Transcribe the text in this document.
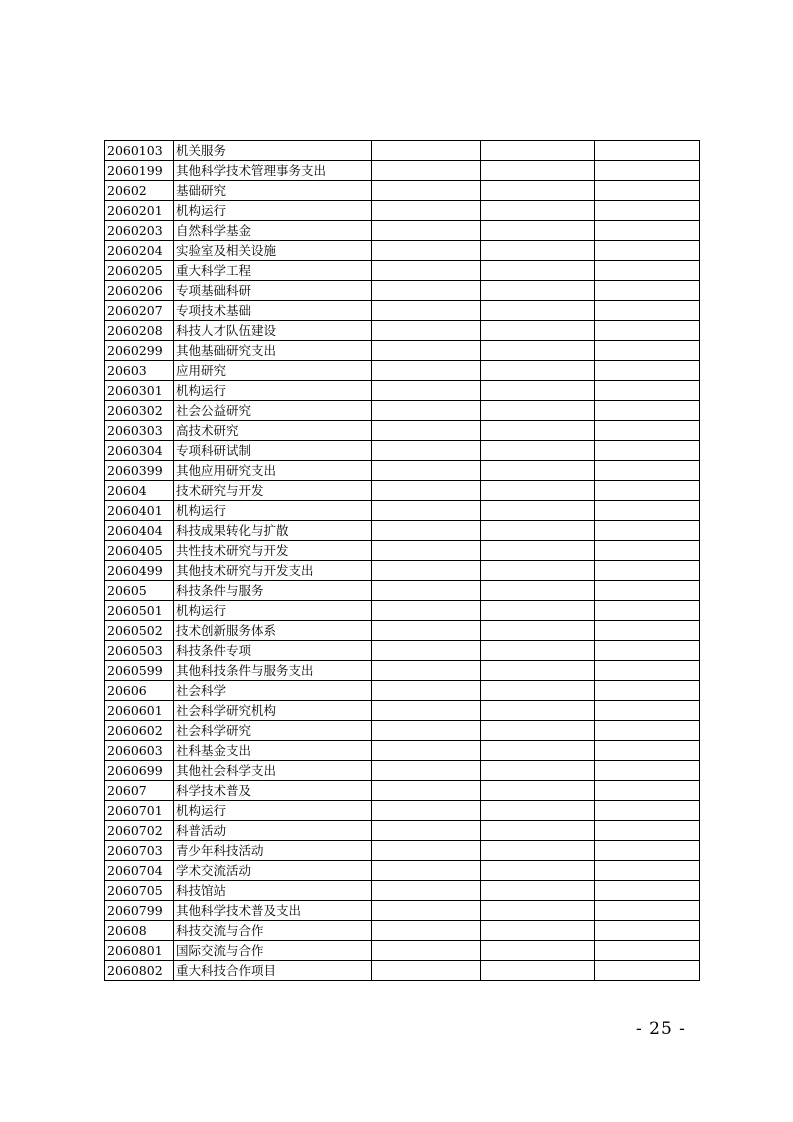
2060103	机关服务			
2060199	其他科学技术管理事务支出			
20602	基础研究			
2060201	机构运行			
2060203	自然科学基金			
2060204	实验室及相关设施			
2060205	重大科学工程			
2060206	专项基础科研			
2060207	专项技术基础			
2060208	科技人才队伍建设			
2060299	其他基础研究支出			
20603	应用研究			
2060301	机构运行			
2060302	社会公益研究			
2060303	高技术研究			
2060304	专项科研试制			
2060399	其他应用研究支出			
20604	技术研究与开发			
2060401	机构运行			
2060404	科技成果转化与扩散			
2060405	共性技术研究与开发			
2060499	其他技术研究与开发支出			
20605	科技条件与服务			
2060501	机构运行			
2060502	技术创新服务体系			
2060503	科技条件专项			
2060599	其他科技条件与服务支出			
20606	社会科学			
2060601	社会科学研究机构			
2060602	社会科学研究			
2060603	社科基金支出			
2060699	其他社会科学支出			
20607	科学技术普及			
2060701	机构运行			
2060702	科普活动			
2060703	青少年科技活动			
2060704	学术交流活动			
2060705	科技馆站			
2060799	其他科学技术普及支出			
20608	科技交流与合作			
2060801	国际交流与合作			
2060802	重大科技合作项目			
- 25 -
